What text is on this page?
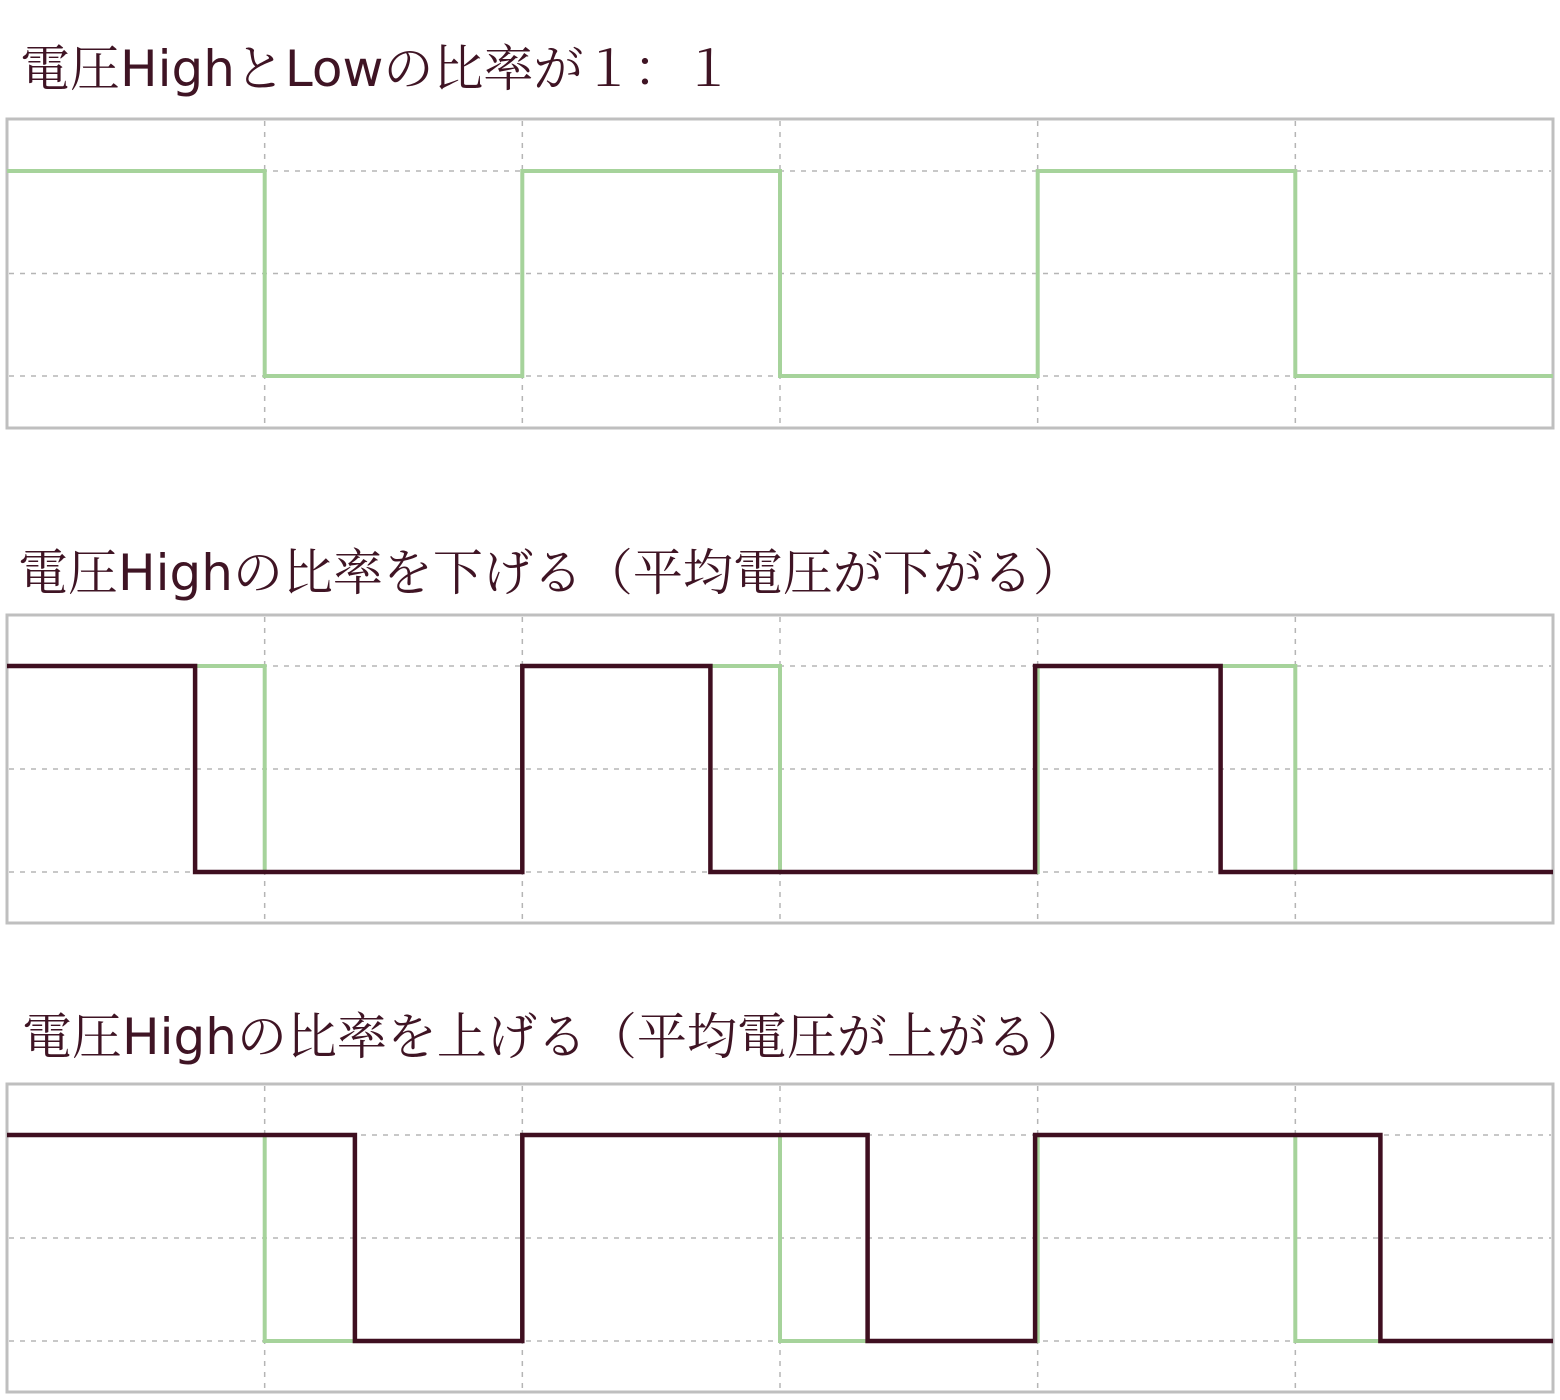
電圧HighとLowの比率が１：１
電圧Highの比率を下げる（平均電圧が下がる）
電圧Highの比率を上げる（平均電圧が上がる）
